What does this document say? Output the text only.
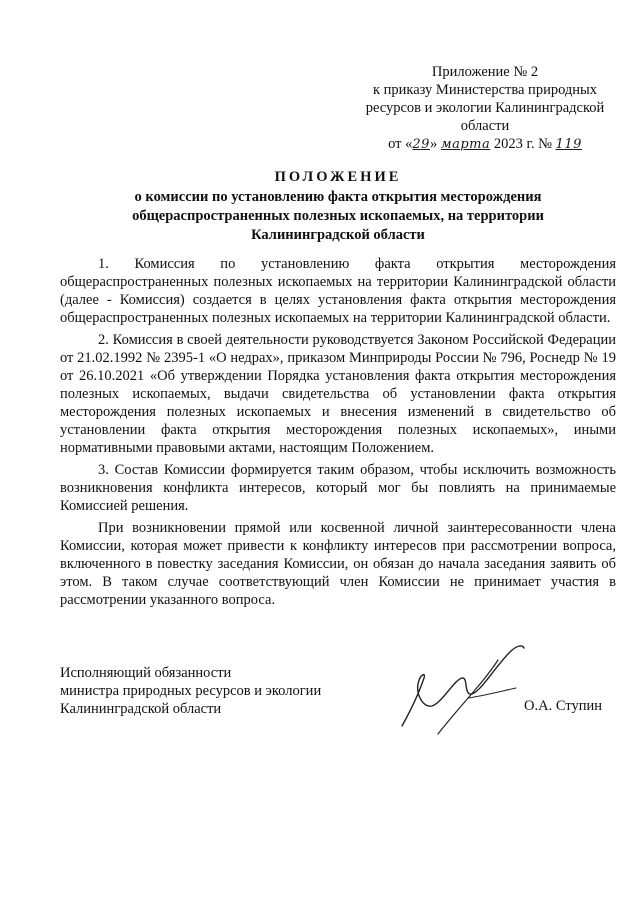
Приложение № 2
к приказу Министерства природных
ресурсов и экологии Калининградской
области
от «29» марта 2023 г. № 119
ПОЛОЖЕНИЕ
о комиссии по установлению факта открытия месторождения
общераспространенных полезных ископаемых, на территории
Калининградской области

1. Комиссия по установлению факта открытия месторождения общераспространенных полезных ископаемых на территории Калининградской области (далее - Комиссия) создается в целях установления факта открытия месторождения общераспространенных полезных ископаемых на территории Калининградской области.

2. Комиссия в своей деятельности руководствуется Законом Российской Федерации от 21.02.1992 № 2395-1 «О недрах», приказом Минприроды России № 796, Роснедр № 19 от 26.10.2021 «Об утверждении Порядка установления факта открытия месторождения полезных ископаемых, выдачи свидетельства об установлении факта открытия месторождения полезных ископаемых и внесения изменений в свидетельство об установлении факта открытия месторождения полезных ископаемых», иными нормативными правовыми актами, настоящим Положением.

3. Состав Комиссии формируется таким образом, чтобы исключить возможность возникновения конфликта интересов, который мог бы повлиять на принимаемые Комиссией решения.

При возникновении прямой или косвенной личной заинтересованности члена Комиссии, которая может привести к конфликту интересов при рассмотрении вопроса, включенного в повестку заседания Комиссии, он обязан до начала заседания заявить об этом. В таком случае соответствующий член Комиссии не принимает участия в рассмотрении указанного вопроса.

Исполняющий обязанности
министра природных ресурсов и экологии
Калининградской области	О.А. Ступин
